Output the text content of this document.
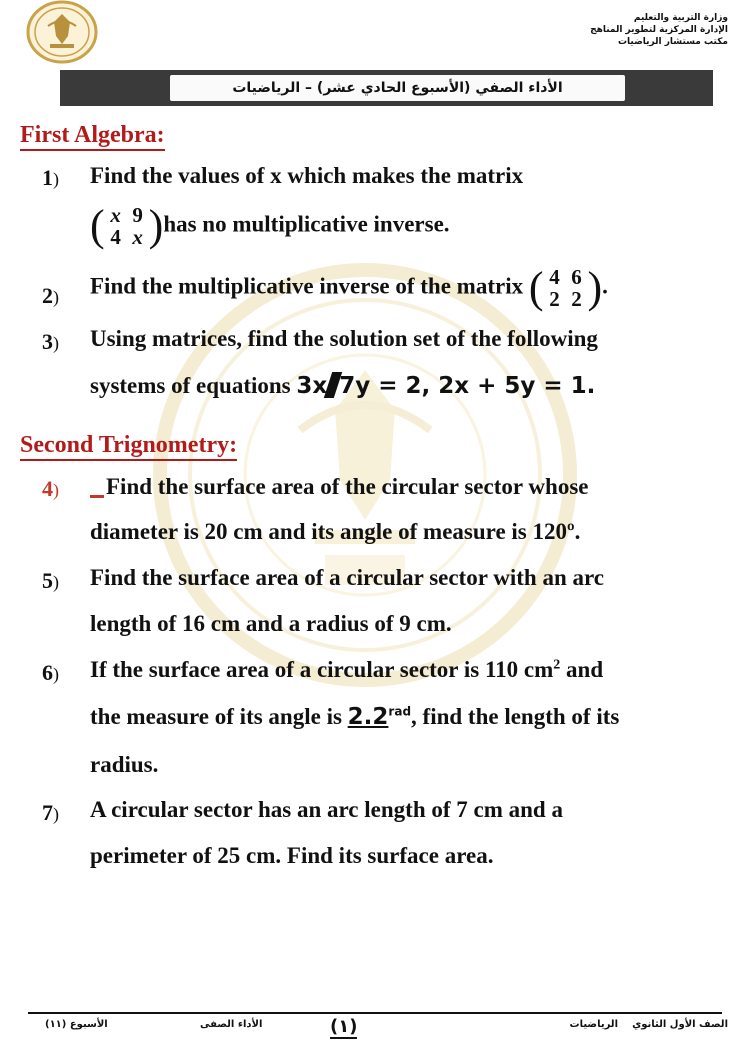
وزارة التربية والتعليم
الإدارة المركزية لتطوير المناهج
مكتب مستشار الرياضيات
الأداء الصفي (الأسبوع الحادي عشر) – الرياضيات
First Algebra:
1) Find the values of x which makes the matrix
( x 9
4 x )has no multiplicative inverse.
2) Find the multiplicative inverse of the matrix ( 4 6
2 2 ).
3) Using matrices, find the solution set of the following
systems of equations 3x 7y = 2, 2x + 5y = 1.
Second Trignometry:
4)	Find the surface area of the circular sector whose
diameter is 20 cm and its angle of measure is 120º.
5) Find the surface area of a circular sector with an arc
length of 16 cm and a radius of 9 cm.
6) If the surface area of a circular sector is 110 $cm^2$ and
the measure of its angle is $2.2^{rad}$, find the length of its
radius.
7) A circular sector has an arc length of 7 cm and a
perimeter of 25 cm. Find its surface area.
الصف الأول الثانوي
الرياضيات
(١)
الأداء الصفى
الأسبوع (١١)
